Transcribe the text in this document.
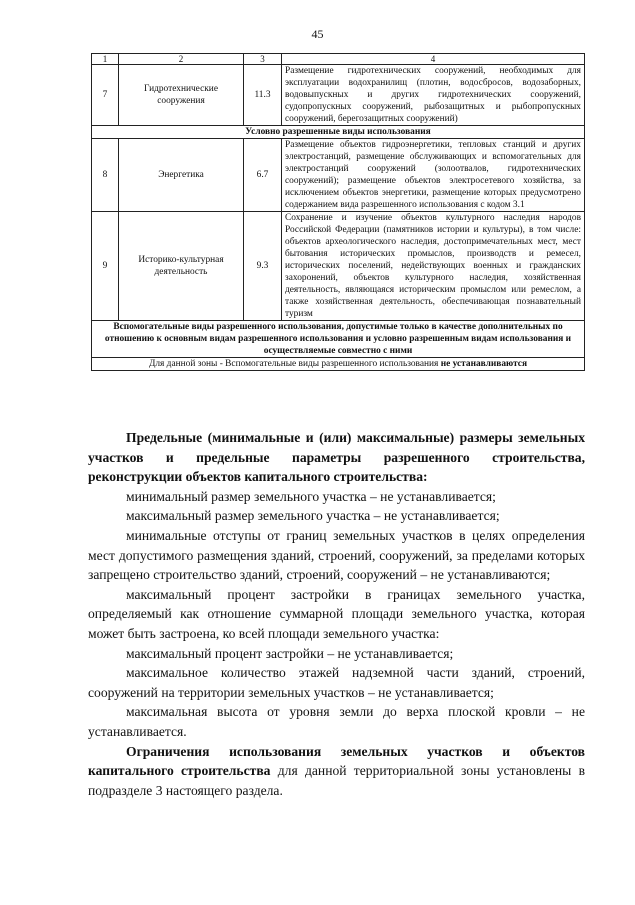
45
1	2	3	4
7	Гидротехнические сооружения	11.3	Размещение гидротехнических сооружений, необходимых для эксплуатации водохранилищ (плотин, водосбросов, водозаборных, водовыпускных и других гидротехнических сооружений, судопропускных сооружений, рыбозащитных и рыбопропускных сооружений, берегозащитных сооружений)
Условно разрешенные виды использования			
8	Энергетика	6.7	Размещение объектов гидроэнергетики, тепловых станций и других электростанций, размещение обслуживающих и вспомогательных для электростанций сооружений (золоотвалов, гидротехнических сооружений); размещение объектов электросетевого хозяйства, за исключением объектов энергетики, размещение которых предусмотрено содержанием вида разрешенного использования с кодом 3.1
9	Историко-культурная деятельность	9.3	Сохранение и изучение объектов культурного наследия народов Российской Федерации (памятников истории и культуры), в том числе: объектов археологического наследия, достопримечательных мест, мест бытования исторических промыслов, производств и ремесел, исторических поселений, недействующих военных и гражданских захоронений, объектов культурного наследия, хозяйственная деятельность, являющаяся историческим промыслом или ремеслом, а также хозяйственная деятельность, обеспечивающая познавательный туризм
Вспомогательные виды разрешенного использования, допустимые только в качестве дополнительных по отношению к основным видам разрешенного использования и условно разрешенным видам использования и осуществляемые совместно с ними			
Для данной зоны - Вспомогательные виды разрешенного использования не устанавливаются			

Предельные (минимальные и (или) максимальные) размеры земельных участков и предельные параметры разрешенного строительства, реконструкции объектов капитального строительства:

минимальный размер земельного участка – не устанавливается;

максимальный размер земельного участка – не устанавливается;

минимальные отступы от границ земельных участков в целях определения мест допустимого размещения зданий, строений, сооружений, за пределами которых запрещено строительство зданий, строений, сооружений – не устанавливаются;

максимальный процент застройки в границах земельного участка, определяемый как отношение суммарной площади земельного участка, которая может быть застроена, ко всей площади земельного участка:

максимальный процент застройки – не устанавливается;

максимальное количество этажей надземной части зданий, строений, сооружений на территории земельных участков – не устанавливается;

максимальная высота от уровня земли до верха плоской кровли – не устанавливается.

Ограничения использования земельных участков и объектов капитального строительства для данной территориальной зоны установлены в подразделе 3 настоящего раздела.
